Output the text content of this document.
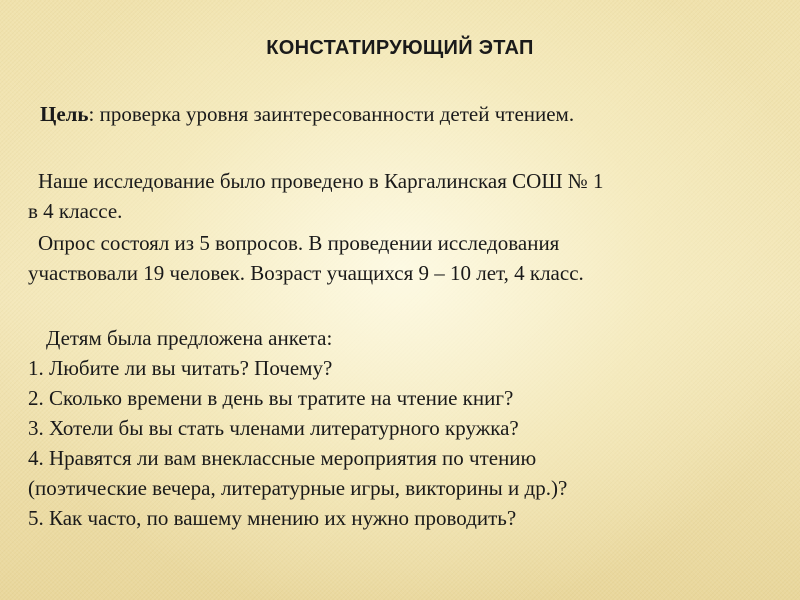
КОНСТАТИРУЮЩИЙ ЭТАП
Цель: проверка уровня заинтересованности детей чтением.
Наше исследование было проведено в Каргалинская СОШ № 1
в 4 классе.
Опрос состоял из 5 вопросов. В проведении исследования
участвовали 19 человек. Возраст учащихся 9 – 10 лет, 4 класс.
Детям была предложена анкета:
1. Любите ли вы читать? Почему?
2. Сколько времени в день вы тратите на чтение книг?
3. Хотели бы вы стать членами литературного кружка?
4. Нравятся ли вам внеклассные мероприятия по чтению
(поэтические вечера, литературные игры, викторины и др.)?
5. Как часто, по вашему мнению их нужно проводить?
